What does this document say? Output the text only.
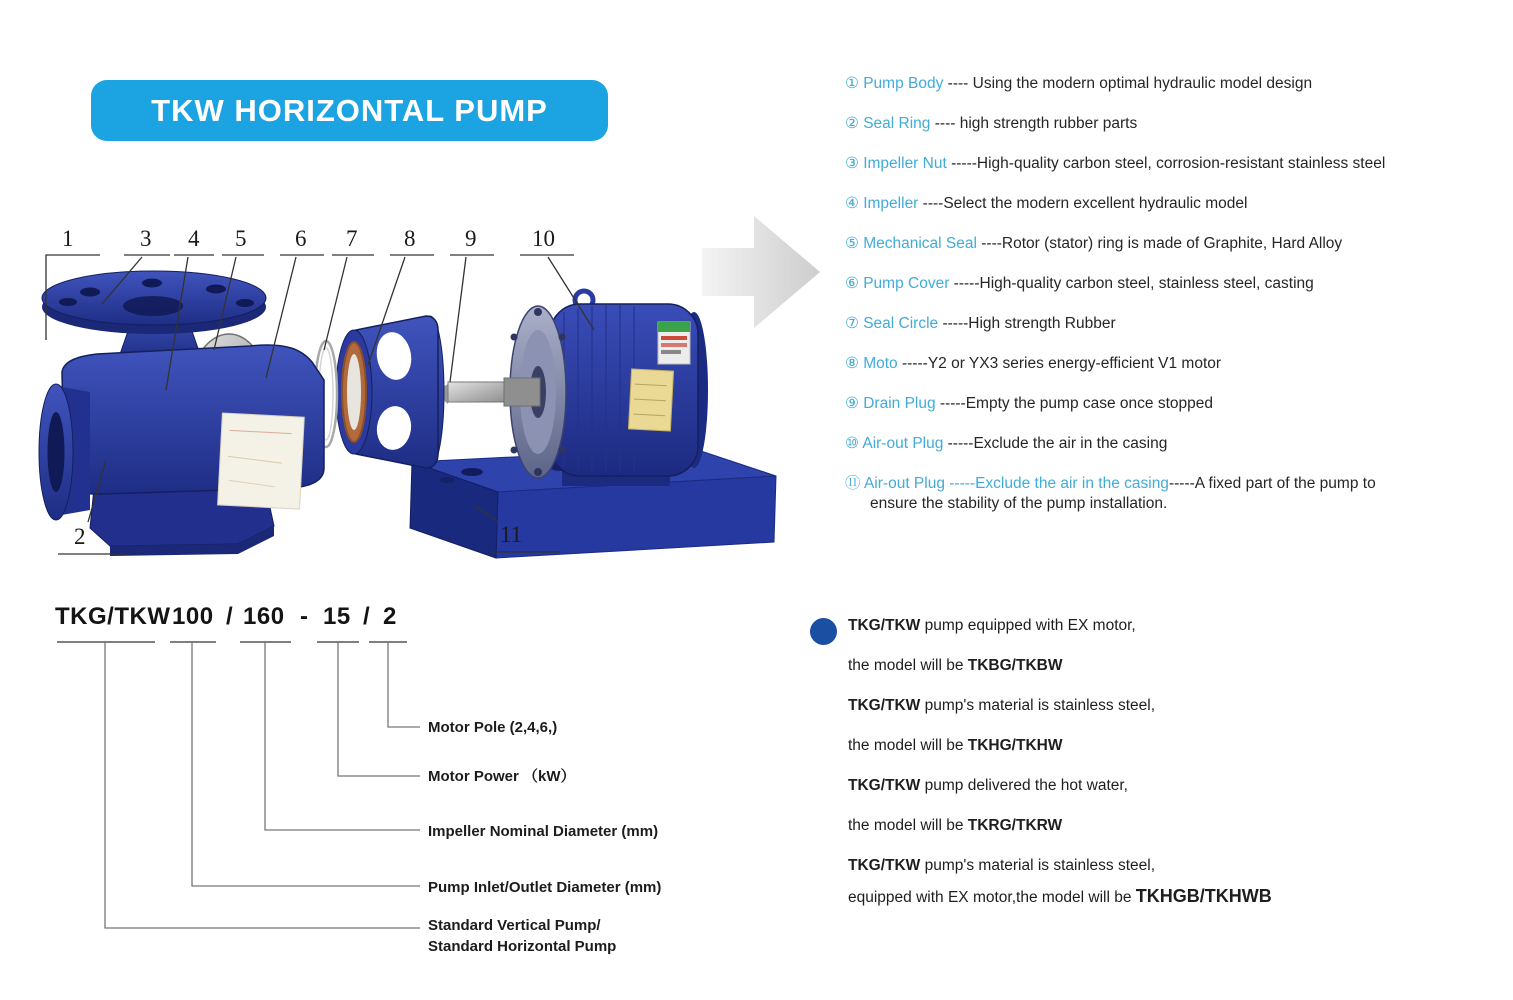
TKW HORIZONTAL PUMP
1	3 4 5 6 7 8 9 10
2	11
① Pump Body ---- Using the modern optimal hydraulic model design
② Seal Ring ---- high strength rubber parts
③ Impeller Nut -----High-quality carbon steel, corrosion-resistant stainless steel
④ Impeller ----Select the modern excellent hydraulic model
⑤ Mechanical Seal ----Rotor (stator) ring is made of Graphite, Hard Alloy
⑥ Pump Cover -----High-quality carbon steel, stainless steel, casting
⑦ Seal Circle -----High strength Rubber
⑧ Moto -----Y2 or YX3 series energy-efficient V1 motor
⑨ Drain Plug -----Empty the pump case once stopped
⑩ Air-out Plug -----Exclude the air in the casing
⑪ Air-out Plug -----Exclude the air in the casing-----A fixed part of the pump to
ensure the stability of the pump installation.
TKG/TKW 100 / 160 - 15 / 2
Motor Pole (2,4,6,)
Motor Power （kW）
Impeller Nominal Diameter (mm)
Pump Inlet/Outlet Diameter (mm)
Standard Vertical Pump/
Standard Horizontal Pump
TKG/TKW pump equipped with EX motor,
the model will be TKBG/TKBW
TKG/TKW pump's material is stainless steel,
the model will be TKHG/TKHW
TKG/TKW pump delivered the hot water,
the model will be TKRG/TKRW
TKG/TKW pump's material is stainless steel,
equipped with EX motor,the model will be TKHGB/TKHWB
